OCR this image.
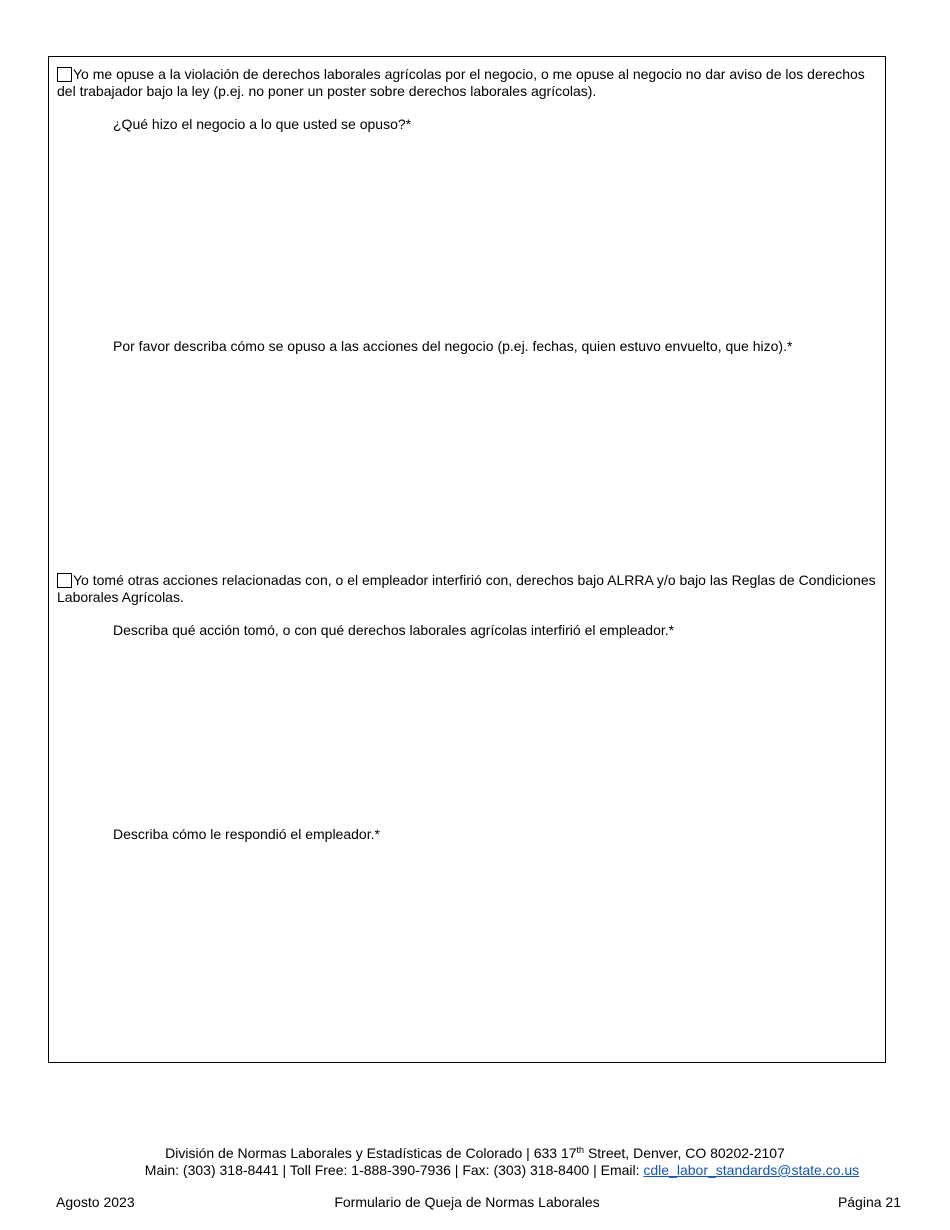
Yo me opuse a la violación de derechos laborales agrícolas por el negocio, o me opuse al negocio no dar aviso de los derechos del trabajador bajo la ley (p.ej. no poner un poster sobre derechos laborales agrícolas).

¿Qué hizo el negocio a lo que usted se opuso?*

Por favor describa cómo se opuso a las acciones del negocio (p.ej. fechas, quien estuvo envuelto, que hizo).*

Yo tomé otras acciones relacionadas con, o el empleador interfirió con, derechos bajo ALRRA y/o bajo las Reglas de Condiciones Laborales Agrícolas.

Describa qué acción tomó, o con qué derechos laborales agrícolas interfirió el empleador.*

Describa cómo le respondió el empleador.*

División de Normas Laborales y Estadísticas de Colorado | 633 17th Street, Denver, CO 80202-2107
Main: (303) 318-8441 | Toll Free: 1-888-390-7936 | Fax: (303) 318-8400 | Email: cdle_labor_standards@state.co.us
Agosto 2023	Formulario de Queja de Normas Laborales	Página 21
